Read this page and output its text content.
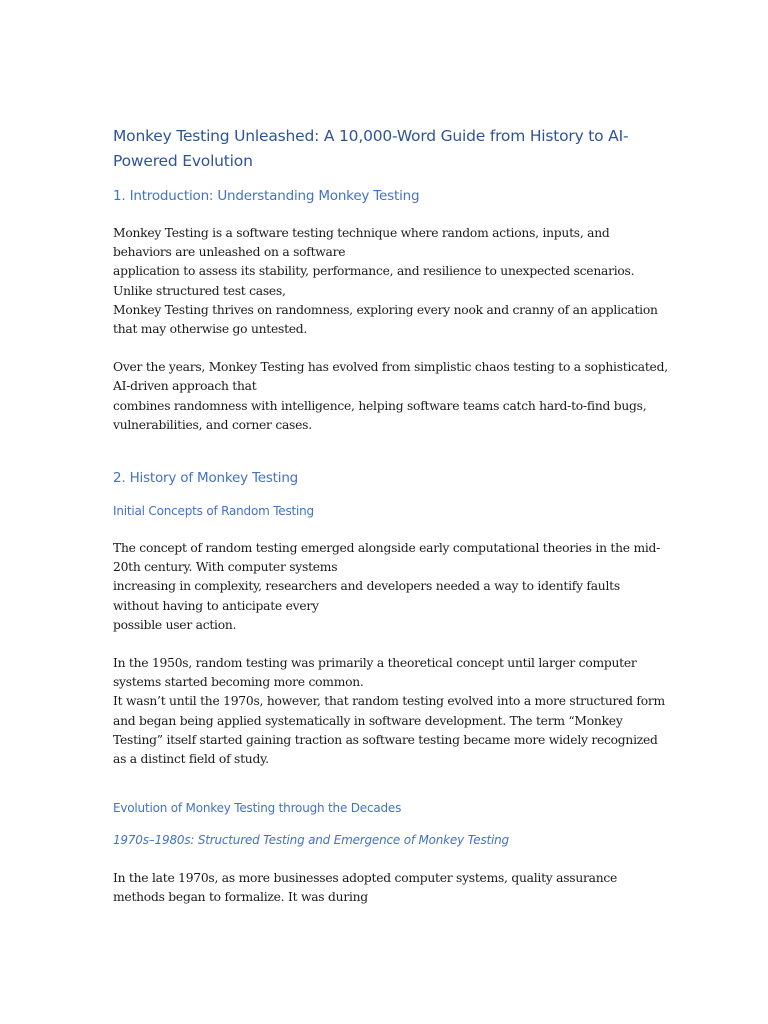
Monkey Testing Unleashed: A 10,000-Word Guide from History to AI-
Powered Evolution
1. Introduction: Understanding Monkey Testing

Monkey Testing is a software testing technique where random actions, inputs, and
behaviors are unleashed on a software
application to assess its stability, performance, and resilience to unexpected scenarios.
Unlike structured test cases,
Monkey Testing thrives on randomness, exploring every nook and cranny of an application
that may otherwise go untested.

Over the years, Monkey Testing has evolved from simplistic chaos testing to a sophisticated,
AI-driven approach that
combines randomness with intelligence, helping software teams catch hard-to-find bugs,
vulnerabilities, and corner cases.

2. History of Monkey Testing
Initial Concepts of Random Testing

The concept of random testing emerged alongside early computational theories in the mid-
20th century. With computer systems
increasing in complexity, researchers and developers needed a way to identify faults
without having to anticipate every
possible user action.

In the 1950s, random testing was primarily a theoretical concept until larger computer
systems started becoming more common.
It wasn’t until the 1970s, however, that random testing evolved into a more structured form
and began being applied systematically in software development. The term “Monkey
Testing” itself started gaining traction as software testing became more widely recognized
as a distinct field of study.

Evolution of Monkey Testing through the Decades
1970s–1980s: Structured Testing and Emergence of Monkey Testing

In the late 1970s, as more businesses adopted computer systems, quality assurance
methods began to formalize. It was during
